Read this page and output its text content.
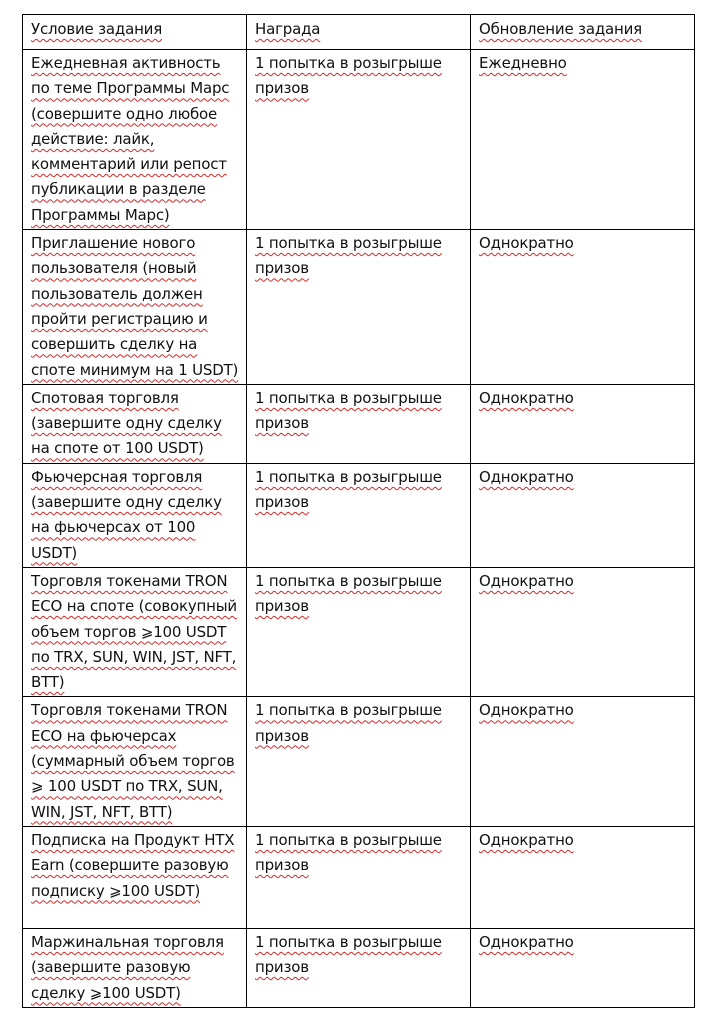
Условие задания	Награда	Обновление задания
Ежедневная активность по теме Программы Марс (совершите одно любое действие: лайк, комментарий или репост публикации в разделе Программы Марс)	1 попытка в розыгрыше призов	Ежедневно
Приглашение нового пользователя (новый пользователь должен пройти регистрацию и совершить сделку на споте минимум на 1 USDT)	1 попытка в розыгрыше призов	Однократно
Спотовая торговля (завершите одну сделку на споте от 100 USDT)	1 попытка в розыгрыше призов	Однократно
Фьючерсная торговля (завершите одну сделку на фьючерсах от 100 USDT)	1 попытка в розыгрыше призов	Однократно
Торговля токенами TRON ECO на споте (совокупный объем торгов ⩾100 USDT по TRX, SUN, WIN, JST, NFT, BTT)	1 попытка в розыгрыше призов	Однократно
Торговля токенами TRON ECO на фьючерсах (суммарный объем торгов ⩾ 100 USDT по TRX, SUN, WIN, JST, NFT, BTT)	1 попытка в розыгрыше призов	Однократно
Подписка на Продукт HTX Earn (совершите разовую подписку ⩾100 USDT)	1 попытка в розыгрыше призов	Однократно
Маржинальная торговля (завершите разовую сделку ⩾100 USDT)	1 попытка в розыгрыше призов	Однократно
